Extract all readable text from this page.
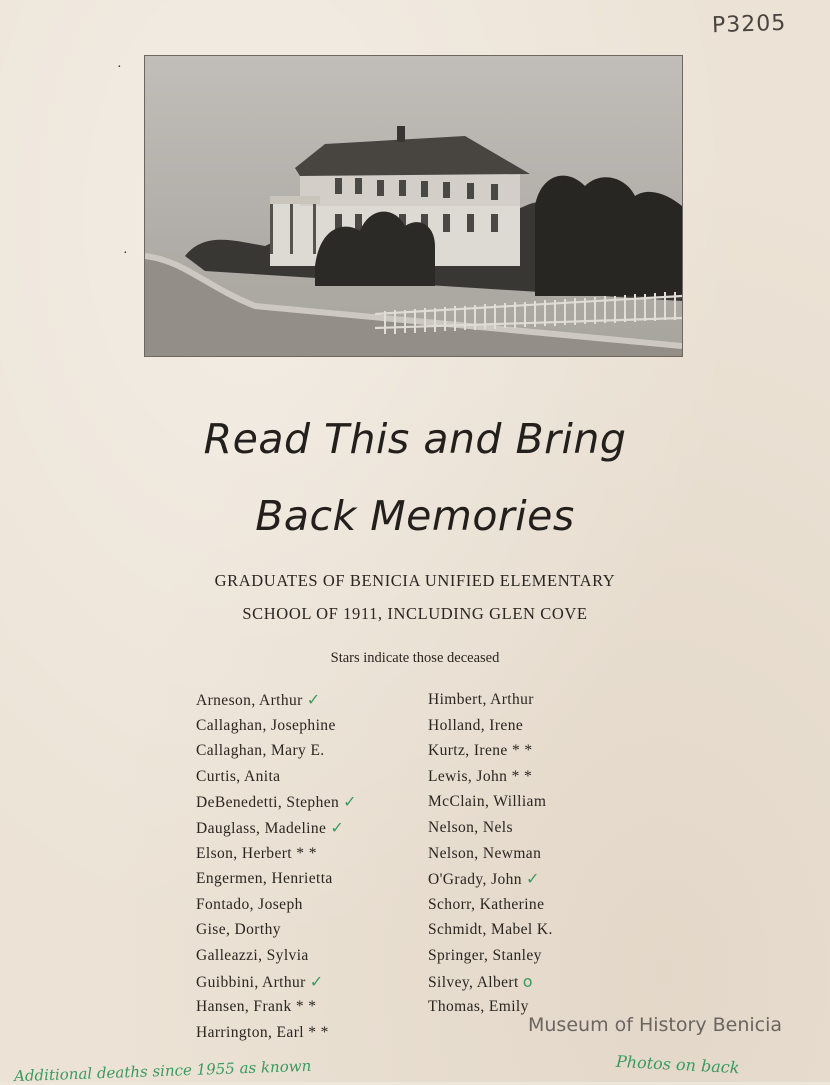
P3205
·
·
Read This and Bring
Back Memories
GRADUATES OF BENICIA UNIFIED ELEMENTARY
SCHOOL OF 1911, INCLUDING GLEN COVE
Stars indicate those deceased
Arneson, Arthur ✓
Callaghan, Josephine
Callaghan, Mary E.
Curtis, Anita
DeBenedetti, Stephen ✓
Dauglass, Madeline ✓
Elson, Herbert * *
Engermen, Henrietta
Fontado, Joseph
Gise, Dorthy
Galleazzi, Sylvia
Guibbini, Arthur ✓
Hansen, Frank * *
Harrington, Earl * *
Himbert, Arthur
Holland, Irene
Kurtz, Irene * *
Lewis, John * *
McClain, William
Nelson, Nels
Nelson, Newman
O'Grady, John ✓
Schorr, Katherine
Schmidt, Mabel K.
Springer, Stanley
Silvey, Albert o
Thomas, Emily
Museum of History Benicia
Additional deaths since 1955 as known	Photos on back
